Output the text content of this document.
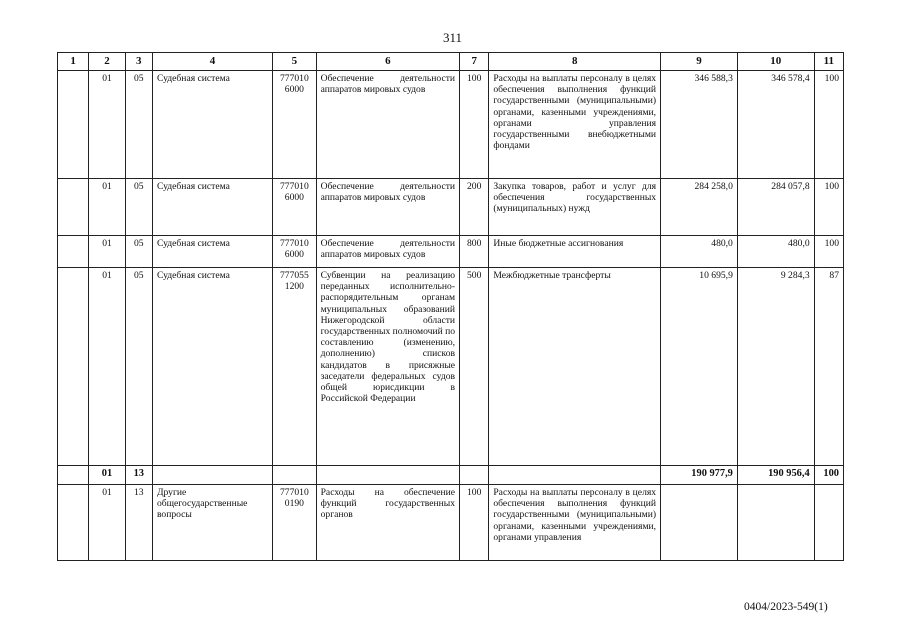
311
1	2	3	4	5	6	7	8	9	10	11
	01	05	Судебная система	777010 6000	Обеспечение деятельности аппаратов мировых судов	100	Расходы на выплаты персоналу в целях обеспечения выполнения функций государственными (муниципальными) органами, казенными учреждениями, органами управления государственными внебюджетными фондами	346 588,3	346 578,4	100
	01	05	Судебная система	777010 6000	Обеспечение деятельности аппаратов мировых судов	200	Закупка товаров, работ и услуг для обеспечения государственных (муниципальных) нужд	284 258,0	284 057,8	100
	01	05	Судебная система	777010 6000	Обеспечение деятельности аппаратов мировых судов	800	Иные бюджетные ассигнования	480,0	480,0	100
	01	05	Судебная система	777055 1200	Субвенции на реализацию переданных исполнительно-распорядительным органам муниципальных образований Нижегородской области государственных полномочий по составлению (изменению, дополнению) списков кандидатов в присяжные заседатели федеральных судов общей юрисдикции в Российской Федерации	500	Межбюджетные трансферты	10 695,9	9 284,3	87
	01	13						190 977,9	190 956,4	100
	01	13	Другие общегосударственные вопросы	777010 0190	Расходы на обеспечение функций государственных органов	100	Расходы на выплаты персоналу в целях обеспечения выполнения функций государственными (муниципальными) органами, казенными учреждениями, органами управления			
0404/2023-549(1)
